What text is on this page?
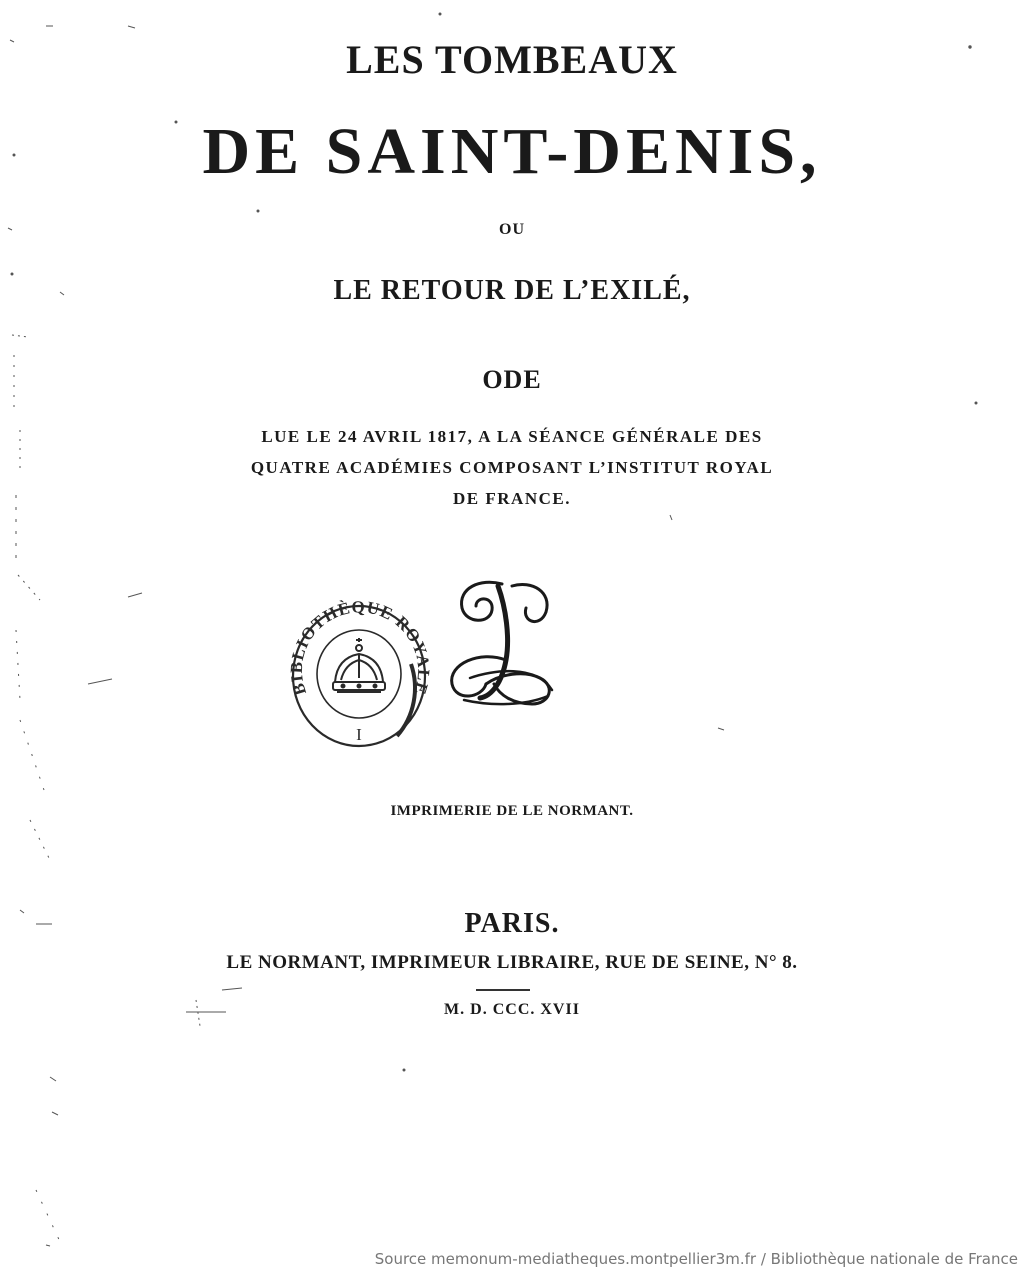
LES TOMBEAUX
DE SAINT-DENIS,
OU
LE RETOUR DE L’EXILÉ,
ODE
LUE LE 24 AVRIL 1817, A LA SÉANCE GÉNÉRALE DES
QUATRE ACADÉMIES COMPOSANT L’INSTITUT ROYAL
DE FRANCE.
BIBLIOTHÈQUE ROYALE
I
IMPRIMERIE DE LE NORMANT.
PARIS.
LE NORMANT, IMPRIMEUR LIBRAIRE, RUE DE SEINE, N° 8.
M. D. CCC. XVII
Source memonum-mediatheques.montpellier3m.fr / Bibliothèque nationale de France
